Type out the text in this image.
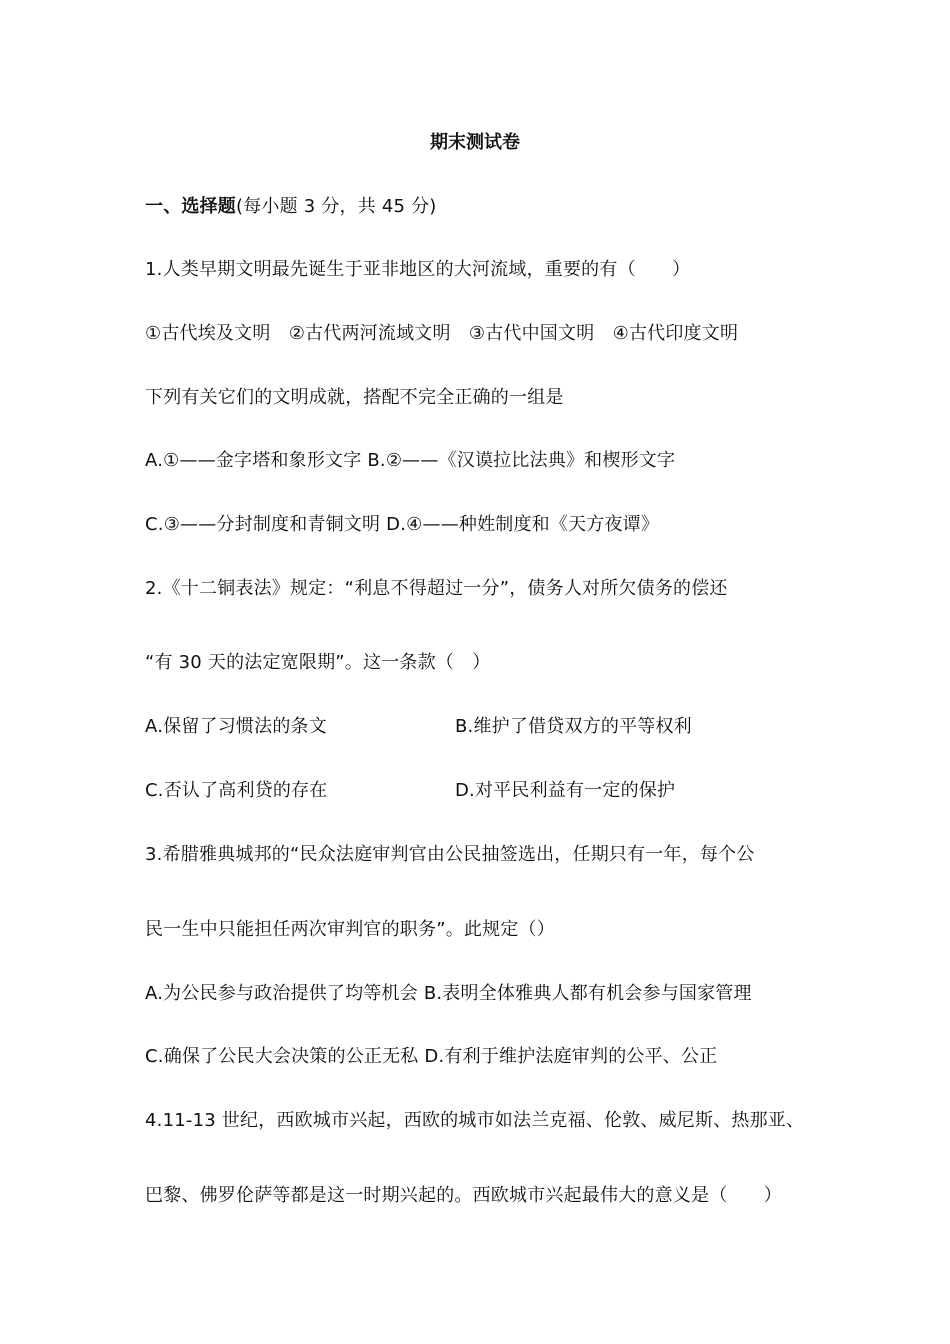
期末测试卷
一、选择题(每小题 3 分，共 45 分)
1.人类早期文明最先诞生于亚非地区的大河流域，重要的有（　　）
①古代埃及文明　②古代两河流域文明　③古代中国文明　④古代印度文明
下列有关它们的文明成就，搭配不完全正确的一组是
A.①——金字塔和象形文字 B.②——《汉谟拉比法典》和楔形文字
C.③——分封制度和青铜文明 D.④——种姓制度和《天方夜谭》
2.《十二铜表法》规定：“利息不得超过一分”，债务人对所欠债务的偿还
“有 30 天的法定宽限期”。这一条款（　）
A.保留了习惯法的条文	B.维护了借贷双方的平等权利
C.否认了高利贷的存在	D.对平民利益有一定的保护
3.希腊雅典城邦的“民众法庭审判官由公民抽签选出，任期只有一年，每个公
民一生中只能担任两次审判官的职务”。此规定（）
A.为公民参与政治提供了均等机会 B.表明全体雅典人都有机会参与国家管理
C.确保了公民大会决策的公正无私 D.有利于维护法庭审判的公平、公正
4.11-13 世纪，西欧城市兴起，西欧的城市如法兰克福、伦敦、威尼斯、热那亚、
巴黎、佛罗伦萨等都是这一时期兴起的。西欧城市兴起最伟大的意义是（　　）
